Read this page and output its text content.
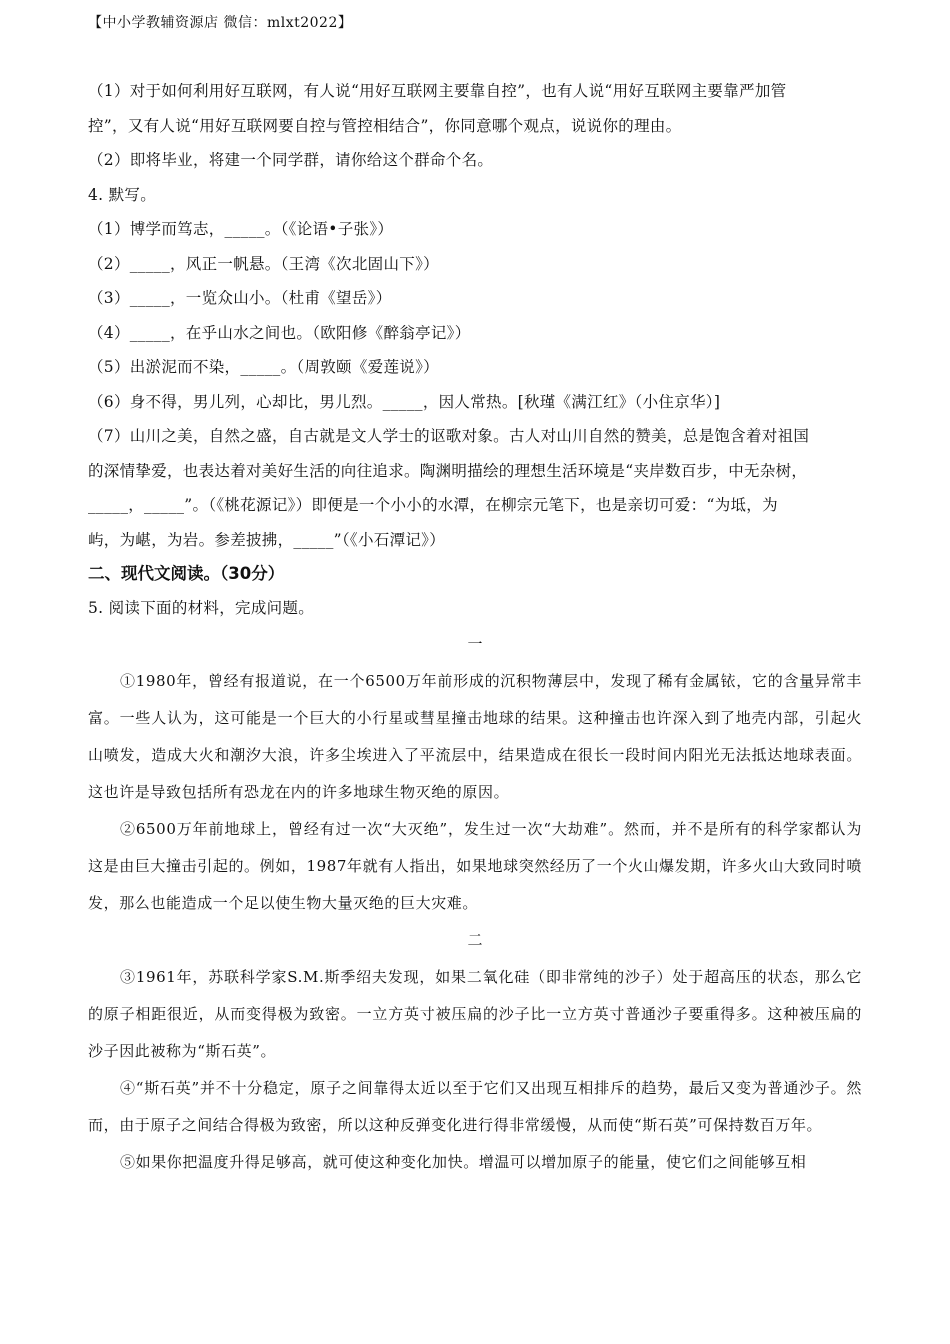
【中小学教辅资源店 微信：mlxt2022】
（1）对于如何利用好互联网，有人说“用好互联网主要靠自控”，也有人说“用好互联网主要靠严加管
控”，又有人说“用好互联网要自控与管控相结合”，你同意哪个观点，说说你的理由。
（2）即将毕业，将建一个同学群，请你给这个群命个名。
4. 默写。
（1）博学而笃志，_____。（《论语•子张》）
（2）_____，风正一帆悬。（王湾《次北固山下》）
（3）_____，一览众山小。（杜甫《望岳》）
（4）_____，在乎山水之间也。（欧阳修《醉翁亭记》）
（5）出淤泥而不染，_____。（周敦颐《爱莲说》）
（6）身不得，男儿列，心却比，男儿烈。_____，因人常热。[秋瑾《满江红》（小住京华）]
（7）山川之美，自然之盛，自古就是文人学士的讴歌对象。古人对山川自然的赞美，总是饱含着对祖国
的深情挚爱，也表达着对美好生活的向往追求。陶渊明描绘的理想生活环境是“夹岸数百步，中无杂树，
_____，_____”。（《桃花源记》）即便是一个小小的水潭，在柳宗元笔下，也是亲切可爱：“为坻，为
屿，为嵁，为岩。参差披拂，_____”（《小石潭记》）
二、现代文阅读。（30分）
5. 阅读下面的材料，完成问题。
一

①1980年，曾经有报道说，在一个6500万年前形成的沉积物薄层中，发现了稀有金属铱，它的含量异常丰富。一些人认为，这可能是一个巨大的小行星或彗星撞击地球的结果。这种撞击也许深入到了地壳内部，引起火山喷发，造成大火和潮汐大浪，许多尘埃进入了平流层中，结果造成在很长一段时间内阳光无法抵达地球表面。这也许是导致包括所有恐龙在内的许多地球生物灭绝的原因。

②6500万年前地球上，曾经有过一次“大灭绝”，发生过一次“大劫难”。然而，并不是所有的科学家都认为这是由巨大撞击引起的。例如，1987年就有人指出，如果地球突然经历了一个火山爆发期，许多火山大致同时喷发，那么也能造成一个足以使生物大量灭绝的巨大灾难。

二

③1961年，苏联科学家S.M.斯季绍夫发现，如果二氧化硅（即非常纯的沙子）处于超高压的状态，那么它的原子相距很近，从而变得极为致密。一立方英寸被压扁的沙子比一立方英寸普通沙子要重得多。这种被压扁的沙子因此被称为“斯石英”。

④“斯石英”并不十分稳定，原子之间靠得太近以至于它们又出现互相排斥的趋势，最后又变为普通沙子。然而，由于原子之间结合得极为致密，所以这种反弹变化进行得非常缓慢，从而使“斯石英”可保持数百万年。

⑤如果你把温度升得足够高，就可使这种变化加快。增温可以增加原子的能量，使它们之间能够互相
